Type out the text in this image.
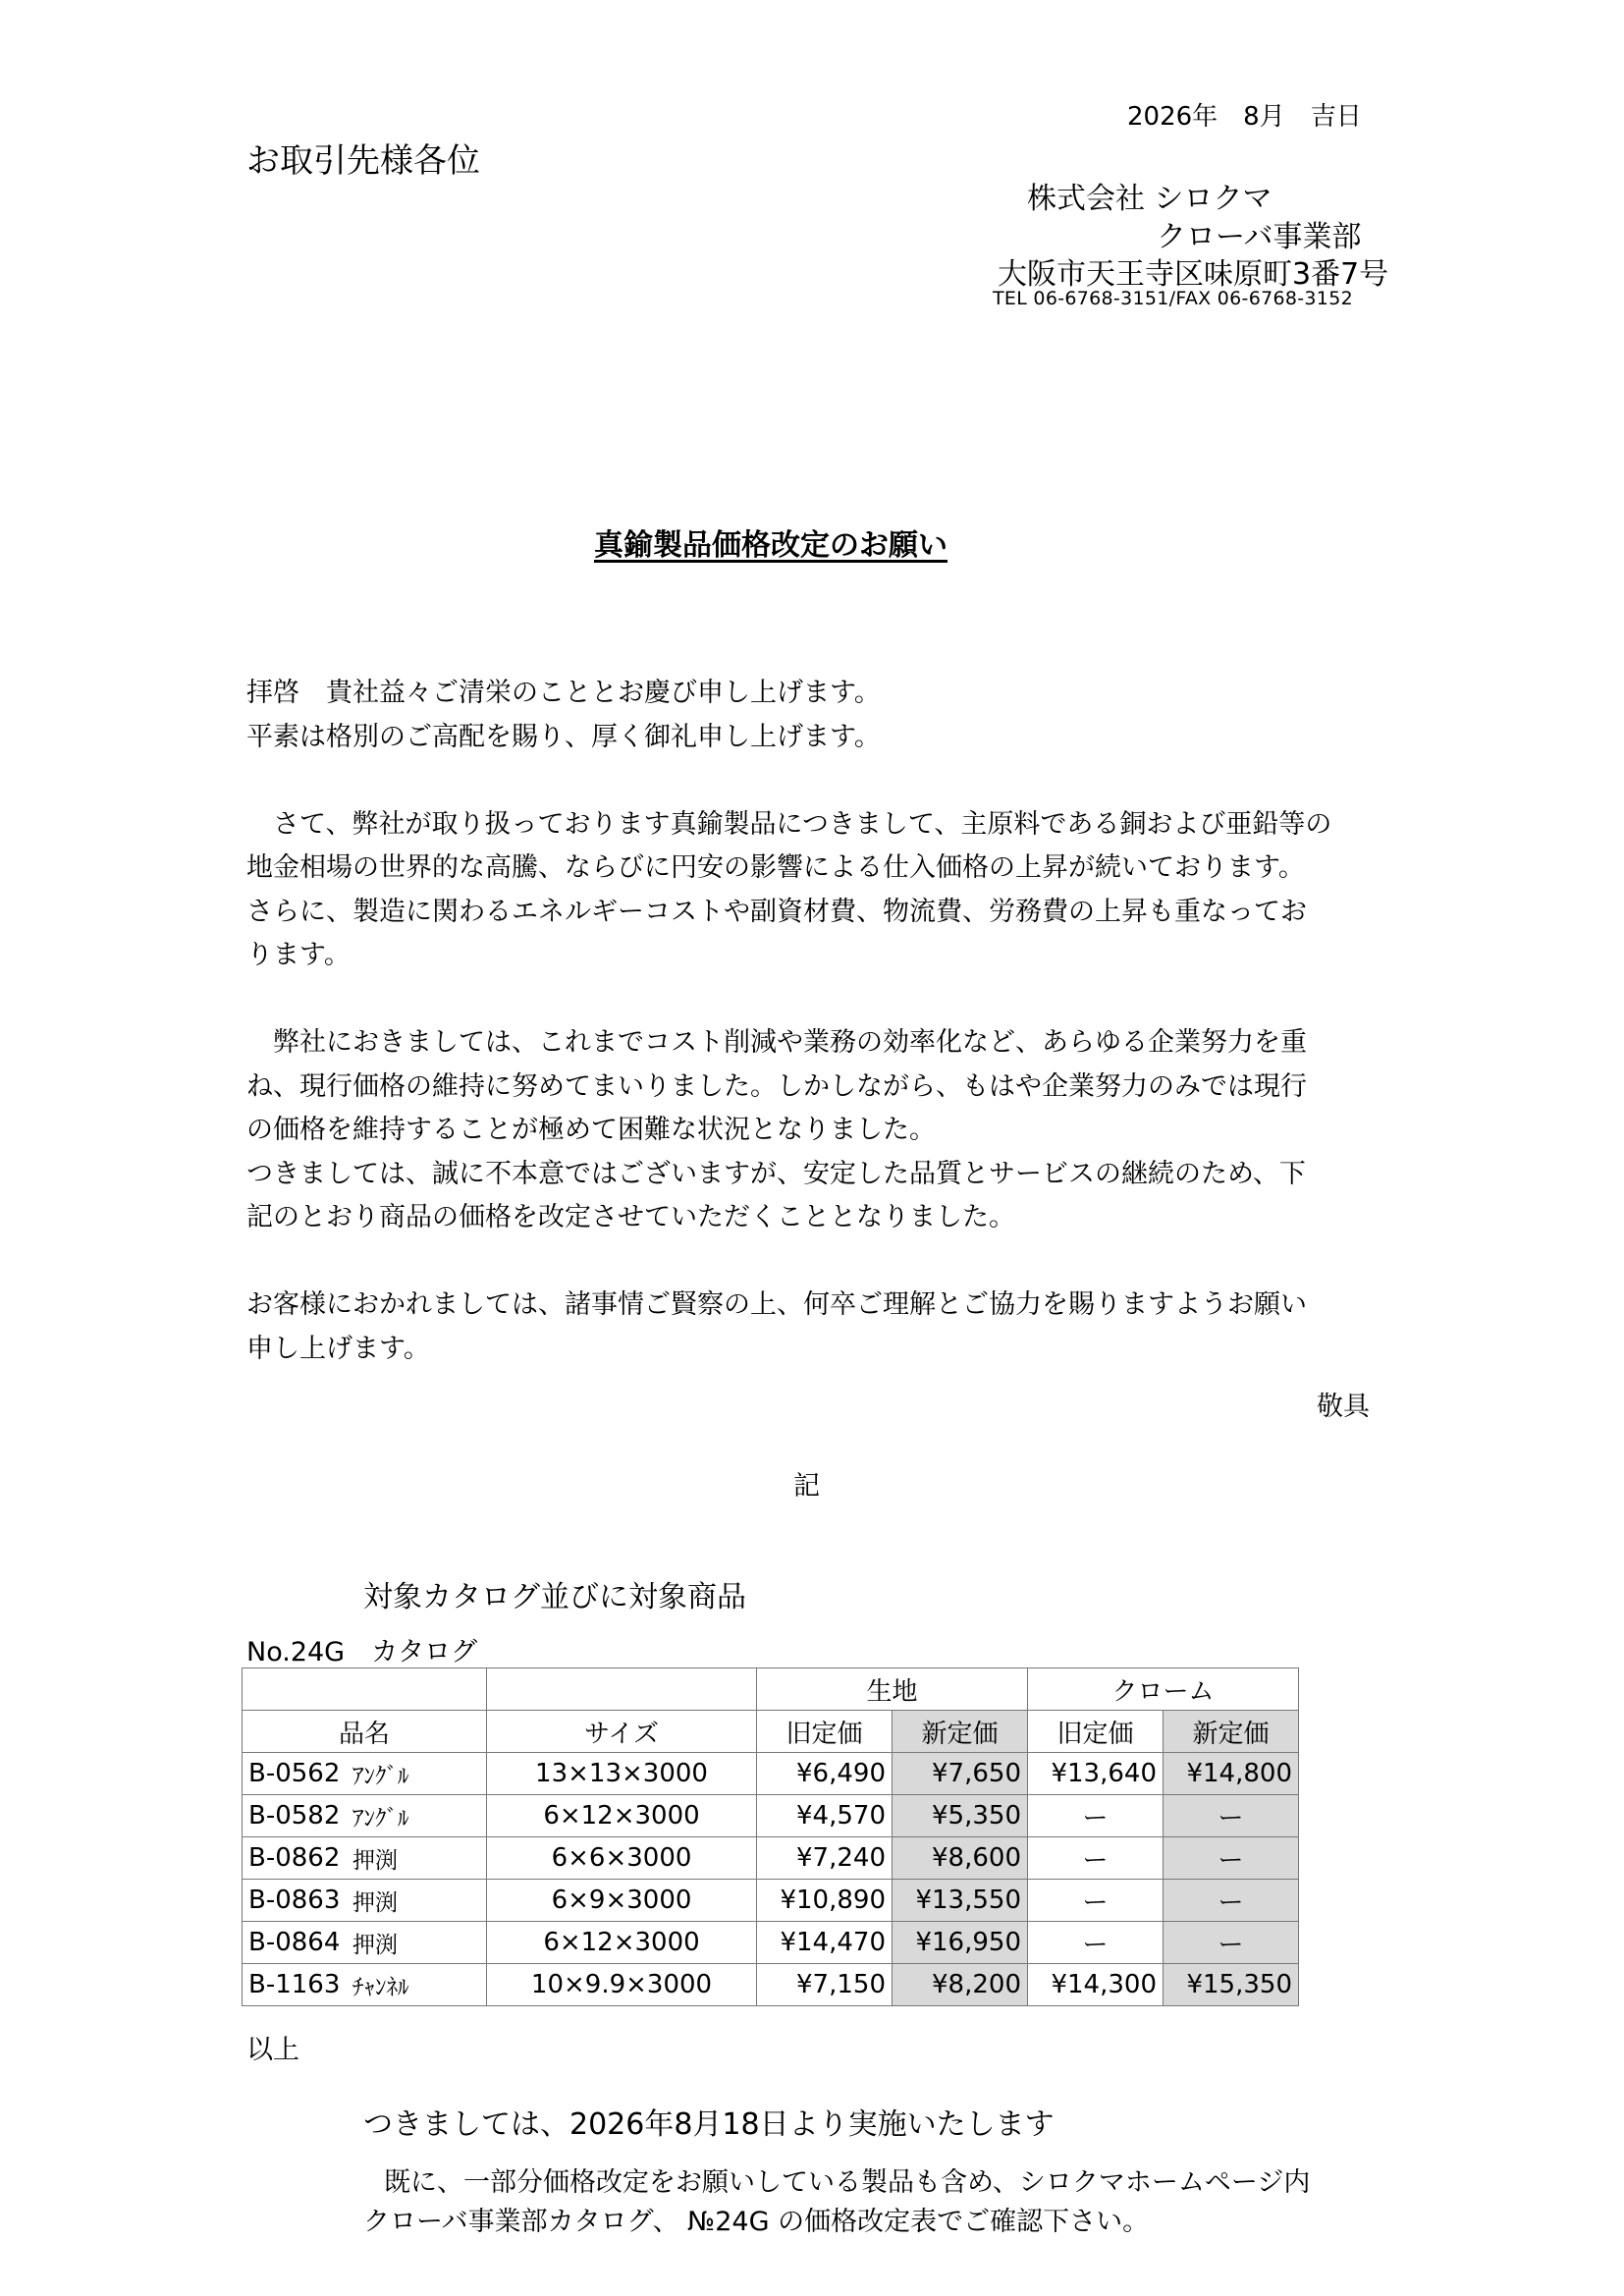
2026年　8月　吉日
お取引先様各位
株式会社 シロクマ
クローバ事業部
大阪市天王寺区味原町3番7号
TEL 06-6768-3151/FAX 06-6768-3152
真鍮製品価格改定のお願い

拝啓　貴社益々ご清栄のこととお慶び申し上げます。

平素は格別のご高配を賜り、厚く御礼申し上げます。

　さて、弊社が取り扱っております真鍮製品につきまして、主原料である銅および亜鉛等の

地金相場の世界的な高騰、ならびに円安の影響による仕入価格の上昇が続いております。

さらに、製造に関わるエネルギーコストや副資材費、物流費、労務費の上昇も重なってお

ります。

　弊社におきましては、これまでコスト削減や業務の効率化など、あらゆる企業努力を重

ね、現行価格の維持に努めてまいりました。しかしながら、もはや企業努力のみでは現行

の価格を維持することが極めて困難な状況となりました。

つきましては、誠に不本意ではございますが、安定した品質とサービスの継続のため、下

記のとおり商品の価格を改定させていただくこととなりました。

お客様におかれましては、諸事情ご賢察の上、何卒ご理解とご協力を賜りますようお願い

申し上げます。

敬具
記
対象カタログ並びに対象商品
No.24G　カタログ
			生地		クローム	
品名		サイズ	旧定価	新定価	旧定価	新定価
B-0562	ｱﾝｸﾞﾙ	13×13×3000	¥6,490	¥7,650	¥13,640	¥14,800
B-0582	ｱﾝｸﾞﾙ	6×12×3000	¥4,570	¥5,350	ー	ー
B-0862	押渕	6×6×3000	¥7,240	¥8,600	ー	ー
B-0863	押渕	6×9×3000	¥10,890	¥13,550	ー	ー
B-0864	押渕	6×12×3000	¥14,470	¥16,950	ー	ー
B-1163	ﾁｬﾝﾈﾙ	10×9.9×3000	¥7,150	¥8,200	¥14,300	¥15,350
以上
つきましては、2026年8月18日より実施いたします
既に、一部分価格改定をお願いしている製品も含め、シロクマホームページ内
クローバ事業部カタログ、 №24G の価格改定表でご確認下さい。
